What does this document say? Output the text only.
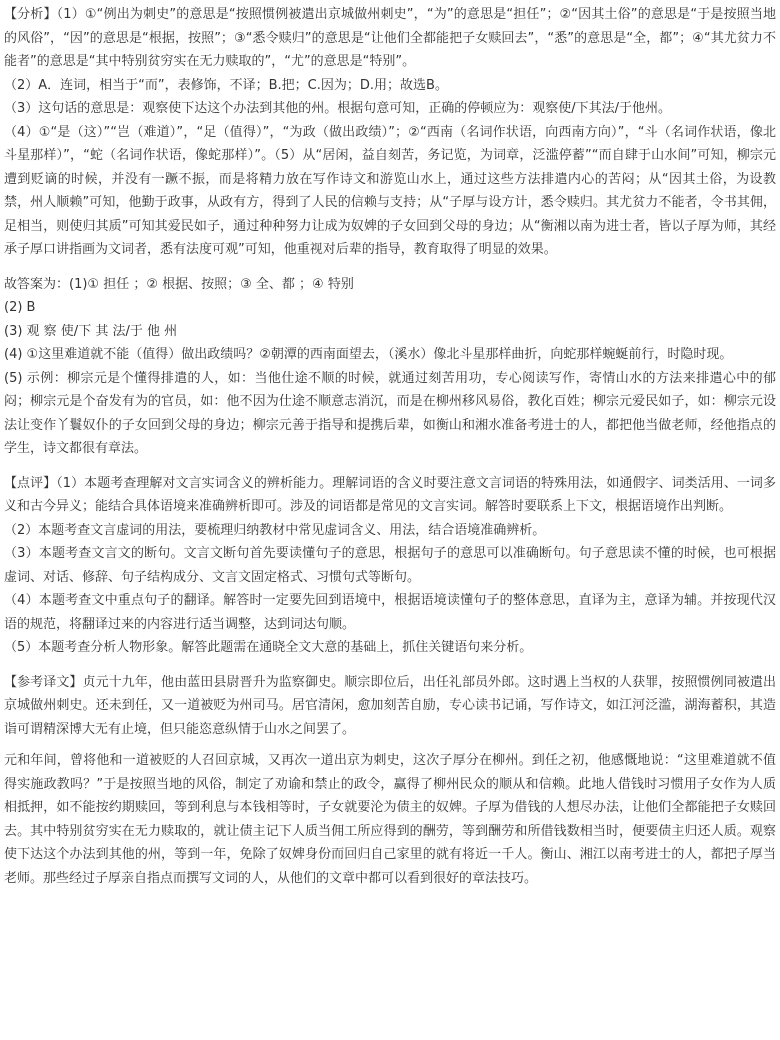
【分析】（1）①“例出为刺史”的意思是“按照惯例被遣出京城做州刺史”，“为”的意思是“担任”；②“因其土俗”的意思是“于是按照当地的风俗”，“因”的意思是“根据，按照”；③“悉令赎归”的意思是“让他们全都能把子女赎回去”，“悉”的意思是“全，都”；④“其尤贫力不能者”的意思是“其中特别贫穷实在无力赎取的”，“尤”的意思是“特别”。

（2）A．连词，相当于“而”，表修饰，不译；B.把；C.因为；D.用；故选B。

（3）这句话的意思是：观察使下达这个办法到其他的州。根据句意可知，正确的停顿应为：观察使/下其法/于他州。

（4）①“是（这）”“岂（难道）”，“足（值得）”，“为政（做出政绩）”；②“西南（名词作状语，向西南方向）”，“斗（名词作状语，像北斗星那样）”，“蛇（名词作状语，像蛇那样）”。（5）从“居闲，益自刻苦，务记览，为词章，泛滥停蓄”“而自肆于山水间”可知，柳宗元遭到贬谪的时候，并没有一蹶不振，而是将精力放在写作诗文和游览山水上，通过这些方法排遣内心的苦闷；从“因其土俗，为设教禁，州人顺赖”可知，他勤于政事，从政有方，得到了人民的信赖与支持；从“子厚与设方计，悉令赎归。其尤贫力不能者，令书其佣，足相当，则使归其质”可知其爱民如子，通过种种努力让成为奴婢的子女回到父母的身边；从“衡湘以南为进士者，皆以子厚为师，其经承子厚口讲指画为文词者，悉有法度可观”可知，他重视对后辈的指导，教育取得了明显的效果。

故答案为：(1)① 担任 ；② 根据、按照；③ 全、都 ；④ 特别

(2) B

(3) 观 察 使/下 其 法/于 他 州

(4) ①这里难道就不能（值得）做出政绩吗？②朝潭的西南面望去，（溪水）像北斗星那样曲折，向蛇那样蜿蜒前行，时隐时现。

(5) 示例：柳宗元是个懂得排遣的人，如：当他仕途不顺的时候，就通过刻苦用功，专心阅读写作，寄情山水的方法来排遣心中的郁闷；柳宗元是个奋发有为的官员，如：他不因为仕途不顺意志消沉，而是在柳州移风易俗，教化百姓；柳宗元爱民如子，如：柳宗元设法让变作丫鬟奴仆的子女回到父母的身边；柳宗元善于指导和提携后辈，如衡山和湘水准备考进士的人，都把他当做老师，经他指点的学生，诗文都很有章法。

【点评】（1）本题考查理解对文言实词含义的辨析能力。理解词语的含义时要注意文言词语的特殊用法，如通假字、词类活用、一词多义和古今异义；能结合具体语境来准确辨析即可。涉及的词语都是常见的文言实词。解答时要联系上下文，根据语境作出判断。

（2）本题考查文言虚词的用法，要梳理归纳教材中常见虚词含义、用法，结合语境准确辨析。

（3）本题考查文言文的断句。文言文断句首先要读懂句子的意思，根据句子的意思可以准确断句。句子意思读不懂的时候，也可根据虚词、对话、修辞、句子结构成分、文言文固定格式、习惯句式等断句。

（4）本题考查文中重点句子的翻译。解答时一定要先回到语境中，根据语境读懂句子的整体意思，直译为主，意译为辅。并按现代汉语的规范，将翻译过来的内容进行适当调整，达到词达句顺。

（5）本题考查分析人物形象。解答此题需在通晓全文大意的基础上，抓住关键语句来分析。

【参考译文】贞元十九年，他由蓝田县尉晋升为监察御史。顺宗即位后，出任礼部员外郎。这时遇上当权的人获罪，按照惯例同被遣出京城做州刺史。还未到任，又一道被贬为州司马。居官清闲，愈加刻苦自励，专心读书记诵，写作诗文，如江河泛滥，湖海蓄积，其造诣可谓精深博大无有止境，但只能恣意纵情于山水之间罢了。

元和年间，曾将他和一道被贬的人召回京城，又再次一道出京为刺史，这次子厚分在柳州。到任之初，他感慨地说：“这里难道就不值得实施政教吗？”于是按照当地的风俗，制定了劝谕和禁止的政令，赢得了柳州民众的顺从和信赖。此地人借钱时习惯用子女作为人质相抵押，如不能按约期赎回，等到利息与本钱相等时，子女就要沦为债主的奴婢。子厚为借钱的人想尽办法，让他们全都能把子女赎回去。其中特别贫穷实在无力赎取的，就让债主记下人质当佣工所应得到的酬劳，等到酬劳和所借钱数相当时，便要债主归还人质。观察使下达这个办法到其他的州，等到一年，免除了奴婢身份而回归自己家里的就有将近一千人。衡山、湘江以南考进士的人，都把子厚当老师。那些经过子厚亲自指点而撰写文词的人，从他们的文章中都可以看到很好的章法技巧。
